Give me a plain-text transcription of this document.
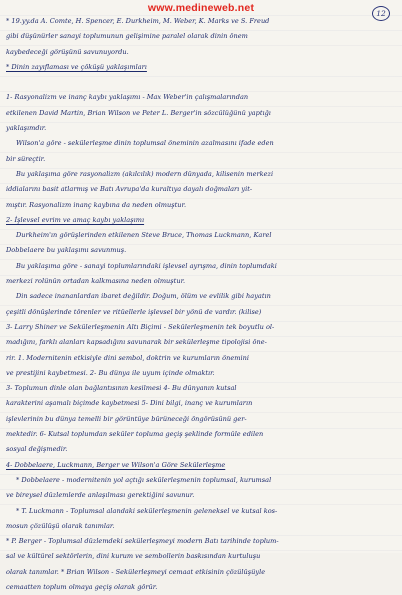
www.medineweb.net	12
* 19.yy.da A. Comte, H. Spencer, E. Durkheim, M. Weber, K. Marks ve S. Freud
gibi düşünürler sanayi toplumunun gelişimine paralel olarak dinin önem
kaybedeceği görüşünü savunuyordu.
* Dinin zayıflaması ve çöküşü yaklaşımları
1- Rasyonalizm ve inanç kaybı yaklaşımı - Max Weber'in çalışmalarından
etkilenen David Martin, Brian Wilson ve Peter L. Berger'in sözcülüğünü yaptığı
yaklaşımdır.
Wilson'a göre - sekülerleşme dinin toplumsal öneminin azalmasını ifade eden
bir süreçtir.
Bu yaklaşıma göre rasyonalizm (akılcılık) modern dünyada, kilisenin merkezi
iddialarını basit atlarmış ve Batı Avrupa'da kuraltıya dayalı doğmaları yit-
mıştır. Rasyonalizm inanç kaybına da neden olmuştur.
2- İşlevsel evrim ve amaç kaybı yaklaşımı
Durkheim'ın görüşlerinden etkilenen Steve Bruce, Thomas Luckmann, Karel
Dobbelaere bu yaklaşımı savunmuş.
Bu yaklaşıma göre - sanayi toplumlarındaki işlevsel ayrışma, dinin toplumdaki
merkezi rolünün ortadan kalkmasına neden olmuştur.
Din sadece inananlardan ibaret değildir. Doğum, ölüm ve evlilik gibi hayatın
çeşitli dönüşlerinde törenler ve ritüellerle işlevsel bir yönü de vardır. (kilise)
3- Larry Shiner ve Sekülerleşmenin Altı Biçimi - Sekülerleşmenin tek boyutlu ol-
madığını, farklı alanları kapsadığını savunarak bir sekülerleşme tipolojisi öne-
rir. 1. Modernitenin etkisiyle dini sembol, doktrin ve kurumların önemini
ve prestijini kaybetmesi. 2- Bu dünya ile uyum içinde olmaktır.
3- Toplumun dinle olan bağlantısının kesilmesi 4- Bu dünyanın kutsal
karakterini aşamalı biçimde kaybetmesi 5- Dini bilgi, inanç ve kurumların
işlevlerinin bu dünya temelli bir görüntüye bürüneceği öngörüsünü ger-
mektedir. 6- Kutsal toplumdan seküler topluma geçiş şeklinde formüle edilen
sosyal değişmedir.
4- Dobbelaere, Luckmann, Berger ve Wilson'a Göre Sekülerleşme
* Dobbelaere - modernitenin yol açtığı sekülerleşmenin toplumsal, kurumsal
ve bireysel düzlemlerde anlaşılması gerektiğini savunur.
* T. Luckmann - Toplumsal alandaki sekülerleşmenin geleneksel ve kutsal kos-
mosun çözülüşü olarak tanımlar.
* P. Berger - Toplumsal düzlemdeki sekülerleşmeyi modern Batı tarihinde toplum-
sal ve kültürel sektörlerin, dini kurum ve sembollerin baskısından kurtuluşu
olarak tanımlar. * Brian Wilson - Sekülerleşmeyi cemaat etkisinin çözülüşüyle
cemaatten toplum olmaya geçiş olarak görür.
